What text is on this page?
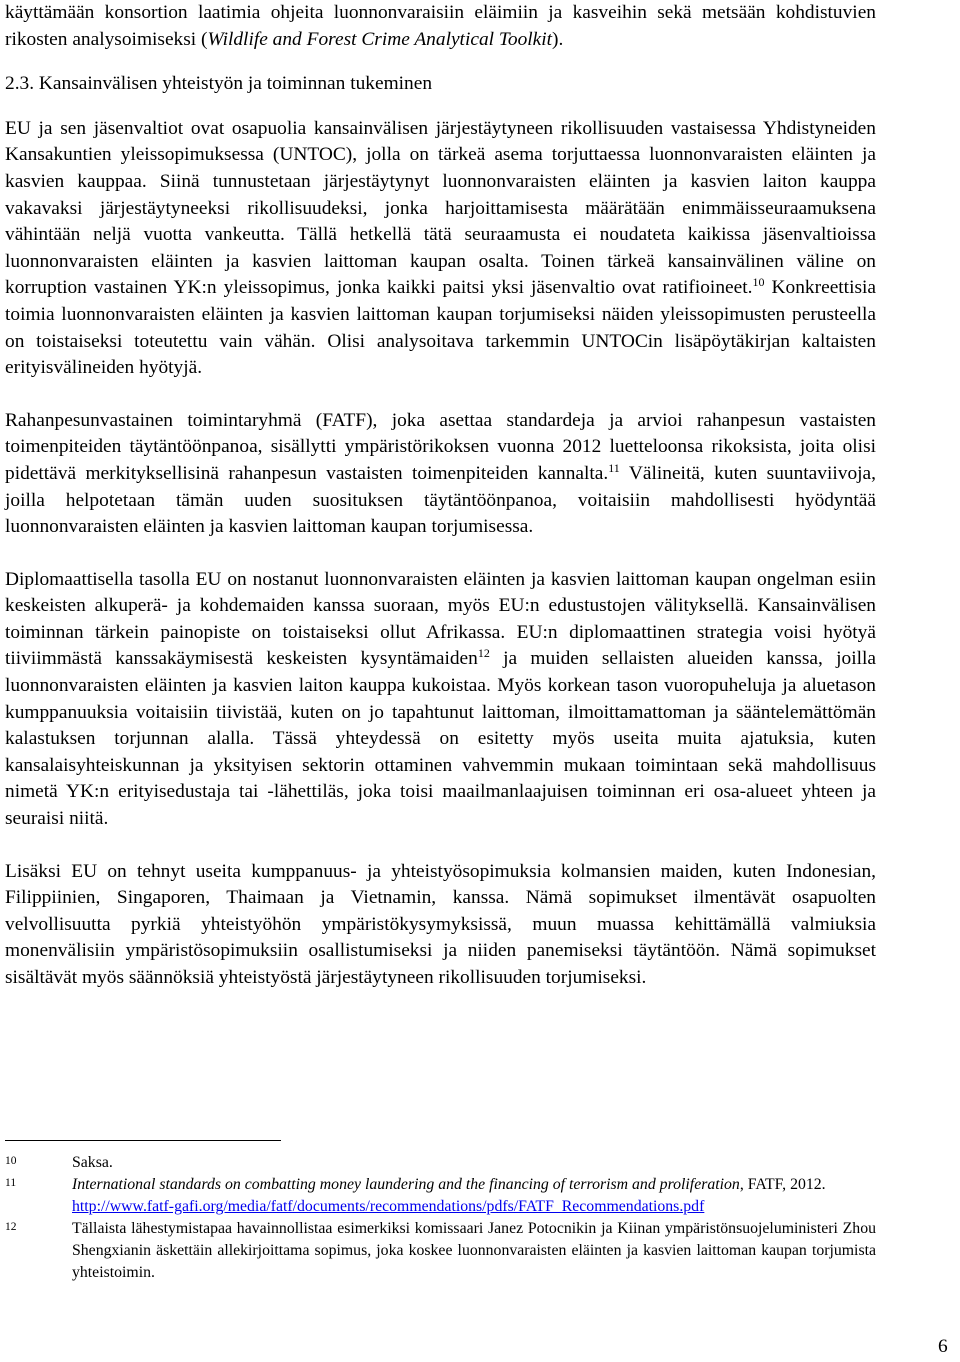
käyttämään konsortion laatimia ohjeita luonnonvaraisiin eläimiin ja kasveihin sekä metsään kohdistuvien rikosten analysoimiseksi (Wildlife and Forest Crime Analytical Toolkit).

2.3. Kansainvälisen yhteistyön ja toiminnan tukeminen

EU ja sen jäsenvaltiot ovat osapuolia kansainvälisen järjestäytyneen rikollisuuden vastaisessa Yhdistyneiden Kansakuntien yleissopimuksessa (UNTOC), jolla on tärkeä asema torjuttaessa luonnonvaraisten eläinten ja kasvien kauppaa. Siinä tunnustetaan järjestäytynyt luonnonvaraisten eläinten ja kasvien laiton kauppa vakavaksi järjestäytyneeksi rikollisuudeksi, jonka harjoittamisesta määrätään enimmäisseuraamuksena vähintään neljä vuotta vankeutta. Tällä hetkellä tätä seuraamusta ei noudateta kaikissa jäsenvaltioissa luonnonvaraisten eläinten ja kasvien laittoman kaupan osalta. Toinen tärkeä kansainvälinen väline on korruption vastainen YK:n yleissopimus, jonka kaikki paitsi yksi jäsenvaltio ovat ratifioineet.$^{10}$ Konkreettisia toimia luonnonvaraisten eläinten ja kasvien laittoman kaupan torjumiseksi näiden yleissopimusten perusteella on toistaiseksi toteutettu vain vähän. Olisi analysoitava tarkemmin UNTOCin lisäpöytäkirjan kaltaisten erityisvälineiden hyötyjä.

Rahanpesunvastainen toimintaryhmä (FATF), joka asettaa standardeja ja arvioi rahanpesun vastaisten toimenpiteiden täytäntöönpanoa, sisällytti ympäristörikoksen vuonna 2012 luetteloonsa rikoksista, joita olisi pidettävä merkityksellisinä rahanpesun vastaisten toimenpiteiden kannalta.$^{11}$ Välineitä, kuten suuntaviivoja, joilla helpotetaan tämän uuden suosituksen täytäntöönpanoa, voitaisiin mahdollisesti hyödyntää luonnonvaraisten eläinten ja kasvien laittoman kaupan torjumisessa.

Diplomaattisella tasolla EU on nostanut luonnonvaraisten eläinten ja kasvien laittoman kaupan ongelman esiin keskeisten alkuperä- ja kohdemaiden kanssa suoraan, myös EU:n edustustojen välityksellä. Kansainvälisen toiminnan tärkein painopiste on toistaiseksi ollut Afrikassa. EU:n diplomaattinen strategia voisi hyötyä tiiviimmästä kanssakäymisestä keskeisten kysyntämaiden$^{12}$ ja muiden sellaisten alueiden kanssa, joilla luonnonvaraisten eläinten ja kasvien laiton kauppa kukoistaa. Myös korkean tason vuoropuheluja ja aluetason kumppanuuksia voitaisiin tiivistää, kuten on jo tapahtunut laittoman, ilmoittamattoman ja sääntelemättömän kalastuksen torjunnan alalla. Tässä yhteydessä on esitetty myös useita muita ajatuksia, kuten kansalaisyhteiskunnan ja yksityisen sektorin ottaminen vahvemmin mukaan toimintaan sekä mahdollisuus nimetä YK:n erityisedustaja tai -lähettiläs, joka toisi maailmanlaajuisen toiminnan eri osa-alueet yhteen ja seuraisi niitä.

Lisäksi EU on tehnyt useita kumppanuus- ja yhteistyösopimuksia kolmansien maiden, kuten Indonesian, Filippiinien, Singaporen, Thaimaan ja Vietnamin, kanssa. Nämä sopimukset ilmentävät osapuolten velvollisuutta pyrkiä yhteistyöhön ympäristökysymyksissä, muun muassa kehittämällä valmiuksia monenvälisiin ympäristösopimuksiin osallistumiseksi ja niiden panemiseksi täytäntöön. Nämä sopimukset sisältävät myös säännöksiä yhteistyöstä järjestäytyneen rikollisuuden torjumiseksi.

10	Saksa.
11	International standards on combatting money laundering and the financing of terrorism and proliferation, FATF, 2012.
http://www.fatf-gafi.org/media/fatf/documents/recommendations/pdfs/FATF_Recommendations.pdf
12	Tällaista lähestymistapaa havainnollistaa esimerkiksi komissaari Janez Potocnikin ja Kiinan ympäristönsuojeluministeri Zhou Shengxianin äskettäin allekirjoittama sopimus, joka koskee luonnonvaraisten eläinten ja kasvien laittoman kaupan torjumista yhteistoimin.
6
